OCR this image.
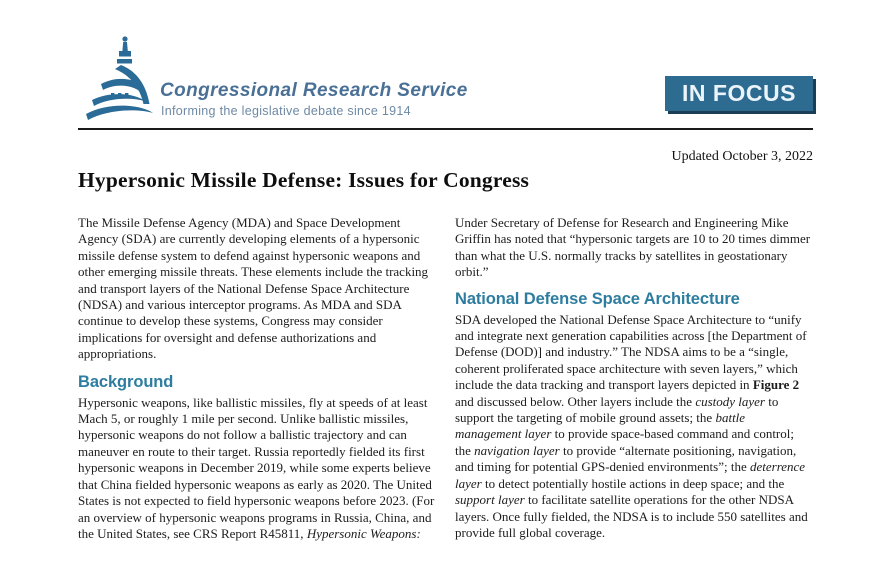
Congressional Research Service
Informing the legislative debate since 1914
IN FOCUS
Updated October 3, 2022
Hypersonic Missile Defense: Issues for Congress

The Missile Defense Agency (MDA) and Space Development Agency (SDA) are currently developing elements of a hypersonic missile defense system to defend against hypersonic weapons and other emerging missile threats. These elements include the tracking and transport layers of the National Defense Space Architecture (NDSA) and various interceptor programs. As MDA and SDA continue to develop these systems, Congress may consider implications for oversight and defense authorizations and appropriations.

Background

Hypersonic weapons, like ballistic missiles, fly at speeds of at least Mach 5, or roughly 1 mile per second. Unlike ballistic missiles, hypersonic weapons do not follow a ballistic trajectory and can maneuver en route to their target. Russia reportedly fielded its first hypersonic weapons in December 2019, while some experts believe that China fielded hypersonic weapons as early as 2020. The United States is not expected to field hypersonic weapons before 2023. (For an overview of hypersonic weapons programs in Russia, China, and the United States, see CRS Report R45811, Hypersonic Weapons:

Under Secretary of Defense for Research and Engineering Mike Griffin has noted that “hypersonic targets are 10 to 20 times dimmer than what the U.S. normally tracks by satellites in geostationary orbit.”

National Defense Space Architecture

SDA developed the National Defense Space Architecture to “unify and integrate next generation capabilities across [the Department of Defense (DOD)] and industry.” The NDSA aims to be a “single, coherent proliferated space architecture with seven layers,” which include the data tracking and transport layers depicted in Figure 2 and discussed below. Other layers include the custody layer to support the targeting of mobile ground assets; the battle management layer to provide space-based command and control; the navigation layer to provide “alternate positioning, navigation, and timing for potential GPS-denied environments”; the deterrence layer to detect potentially hostile actions in deep space; and the support layer to facilitate satellite operations for the other NDSA layers. Once fully fielded, the NDSA is to include 550 satellites and provide full global coverage.
